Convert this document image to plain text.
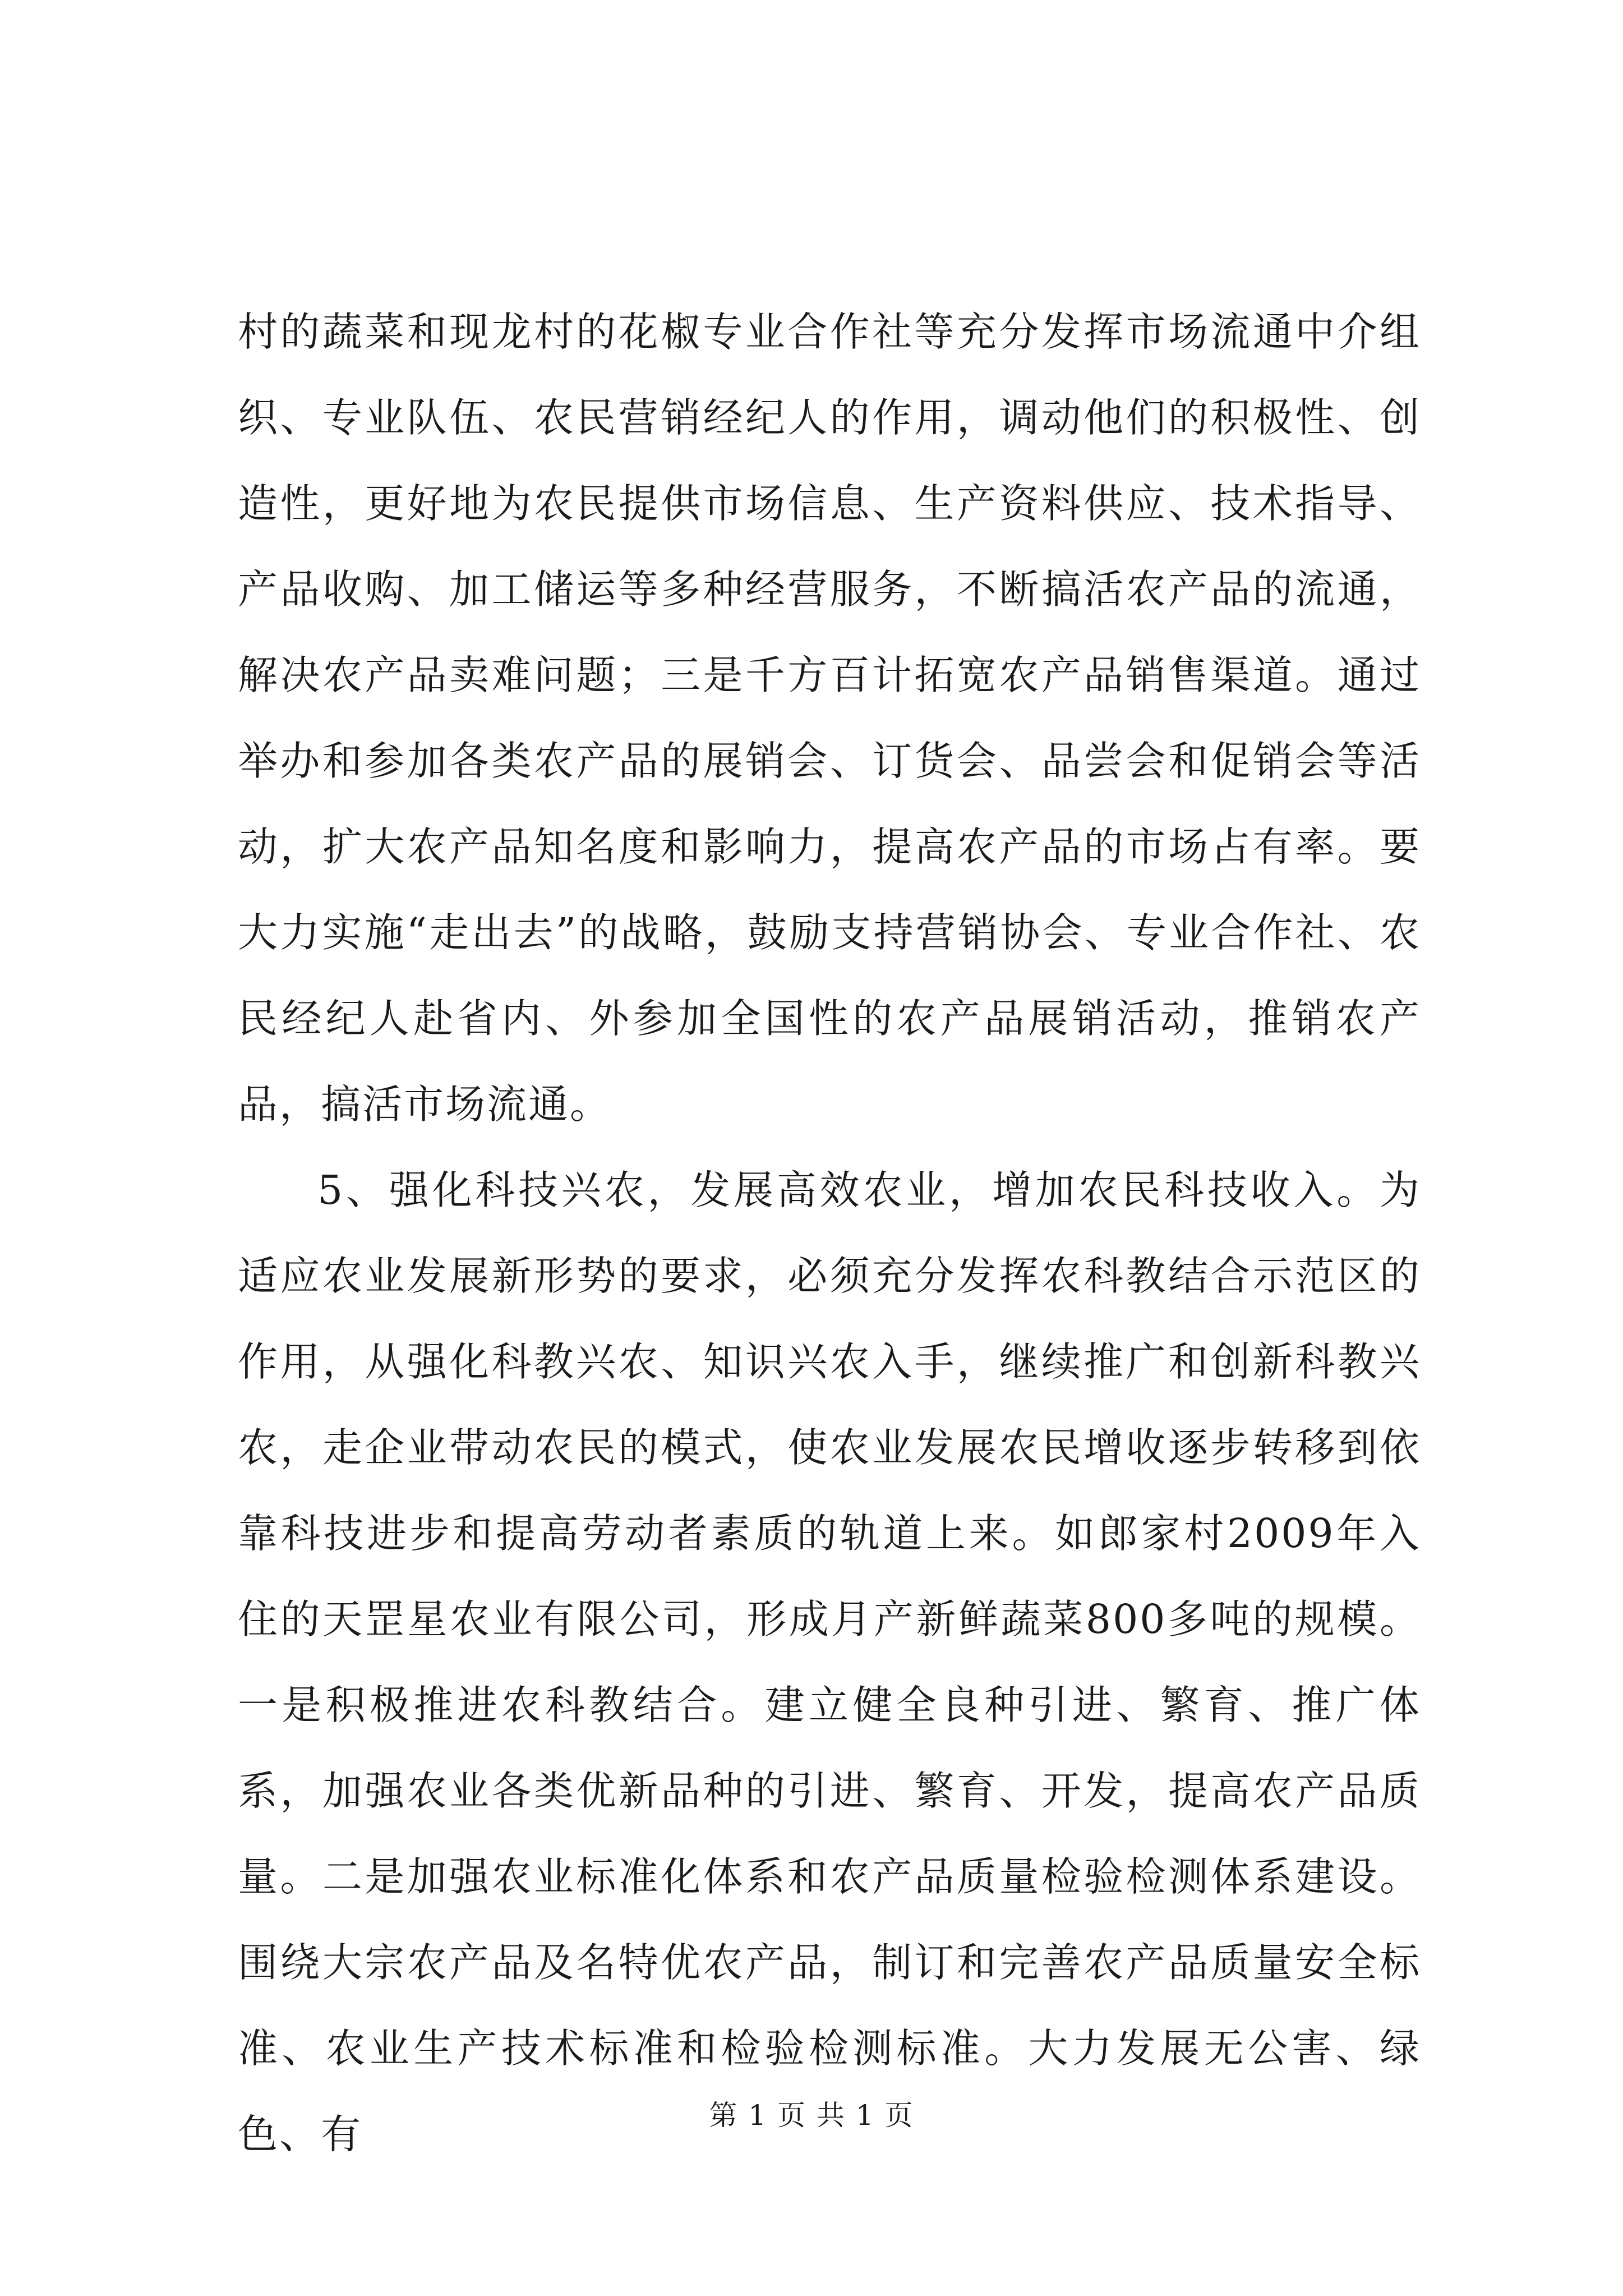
村的蔬菜和现龙村的花椒专业合作社等充分发挥市场流通中介组织、专业队伍、农民营销经纪人的作用，调动他们的积极性、创造性，更好地为农民提供市场信息、生产资料供应、技术指导、产品收购、加工储运等多种经营服务，不断搞活农产品的流通，解决农产品卖难问题；三是千方百计拓宽农产品销售渠道。通过举办和参加各类农产品的展销会、订货会、品尝会和促销会等活动，扩大农产品知名度和影响力，提高农产品的市场占有率。要大力实施“走出去”的战略，鼓励支持营销协会、专业合作社、农民经纪人赴省内、外参加全国性的农产品展销活动，推销农产品，搞活市场流通。

5、强化科技兴农，发展高效农业，增加农民科技收入。为适应农业发展新形势的要求，必须充分发挥农科教结合示范区的作用，从强化科教兴农、知识兴农入手，继续推广和创新科教兴农，走企业带动农民的模式，使农业发展农民增收逐步转移到依靠科技进步和提高劳动者素质的轨道上来。如郎家村2009年入住的天罡星农业有限公司，形成月产新鲜蔬菜800多吨的规模。一是积极推进农科教结合。建立健全良种引进、繁育、推广体系，加强农业各类优新品种的引进、繁育、开发，提高农产品质量。二是加强农业标准化体系和农产品质量检验检测体系建设。围绕大宗农产品及名特优农产品，制订和完善农产品质量安全标准、农业生产技术标准和检验检测标准。大力发展无公害、绿色、有	第 1 页 共 1 页
